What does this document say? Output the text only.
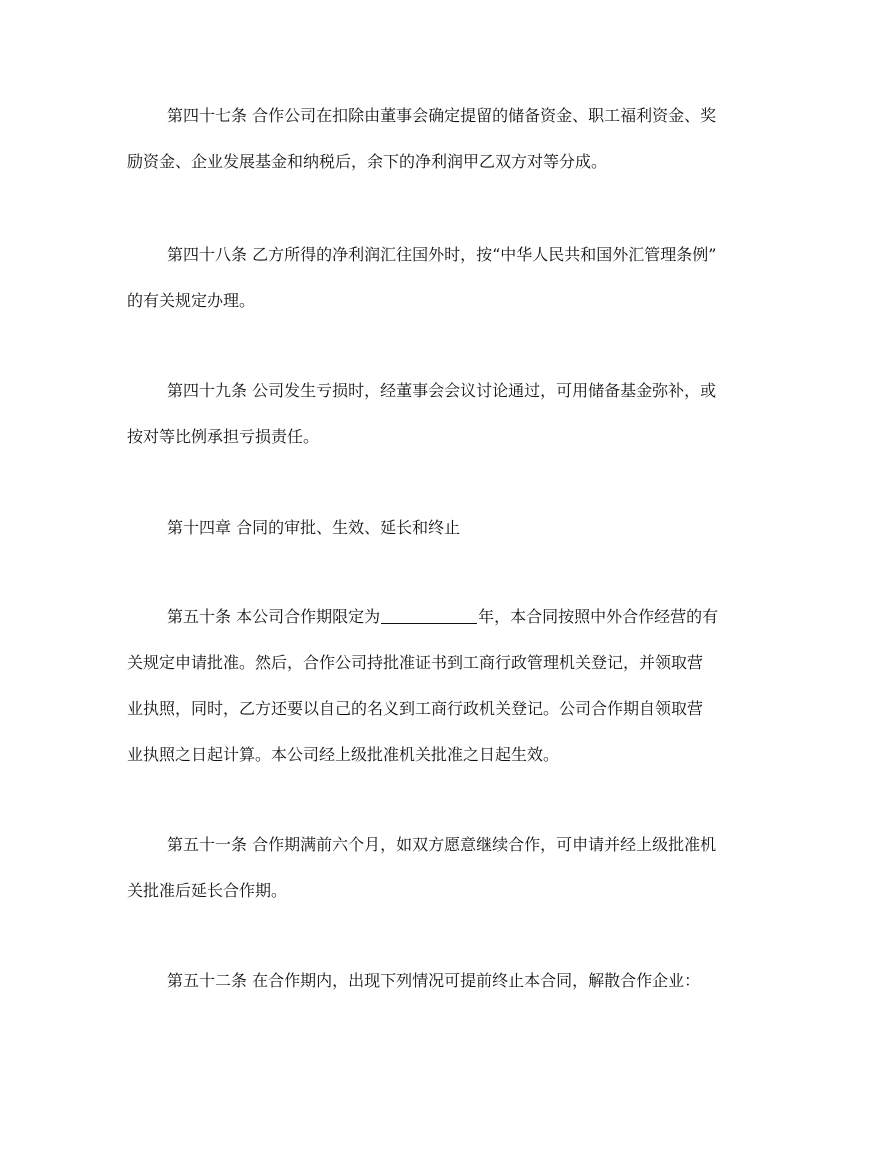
第四十七条 合作公司在扣除由董事会确定提留的储备资金、职工福利资金、奖
励资金、企业发展基金和纳税后，余下的净利润甲乙双方对等分成。

第四十八条 乙方所得的净利润汇往国外时，按“中华人民共和国外汇管理条例”
的有关规定办理。

第四十九条 公司发生亏损时，经董事会会议讨论通过，可用储备基金弥补，或
按对等比例承担亏损责任。

第十四章 合同的审批、生效、延长和终止

第五十条 本公司合作期限定为	年，本合同按照中外合作经营的有
关规定申请批准。然后，合作公司持批准证书到工商行政管理机关登记，并领取营
业执照，同时，乙方还要以自己的名义到工商行政机关登记。公司合作期自领取营
业执照之日起计算。本公司经上级批准机关批准之日起生效。

第五十一条 合作期满前六个月，如双方愿意继续合作，可申请并经上级批准机
关批准后延长合作期。

第五十二条 在合作期内，出现下列情况可提前终止本合同，解散合作企业：
